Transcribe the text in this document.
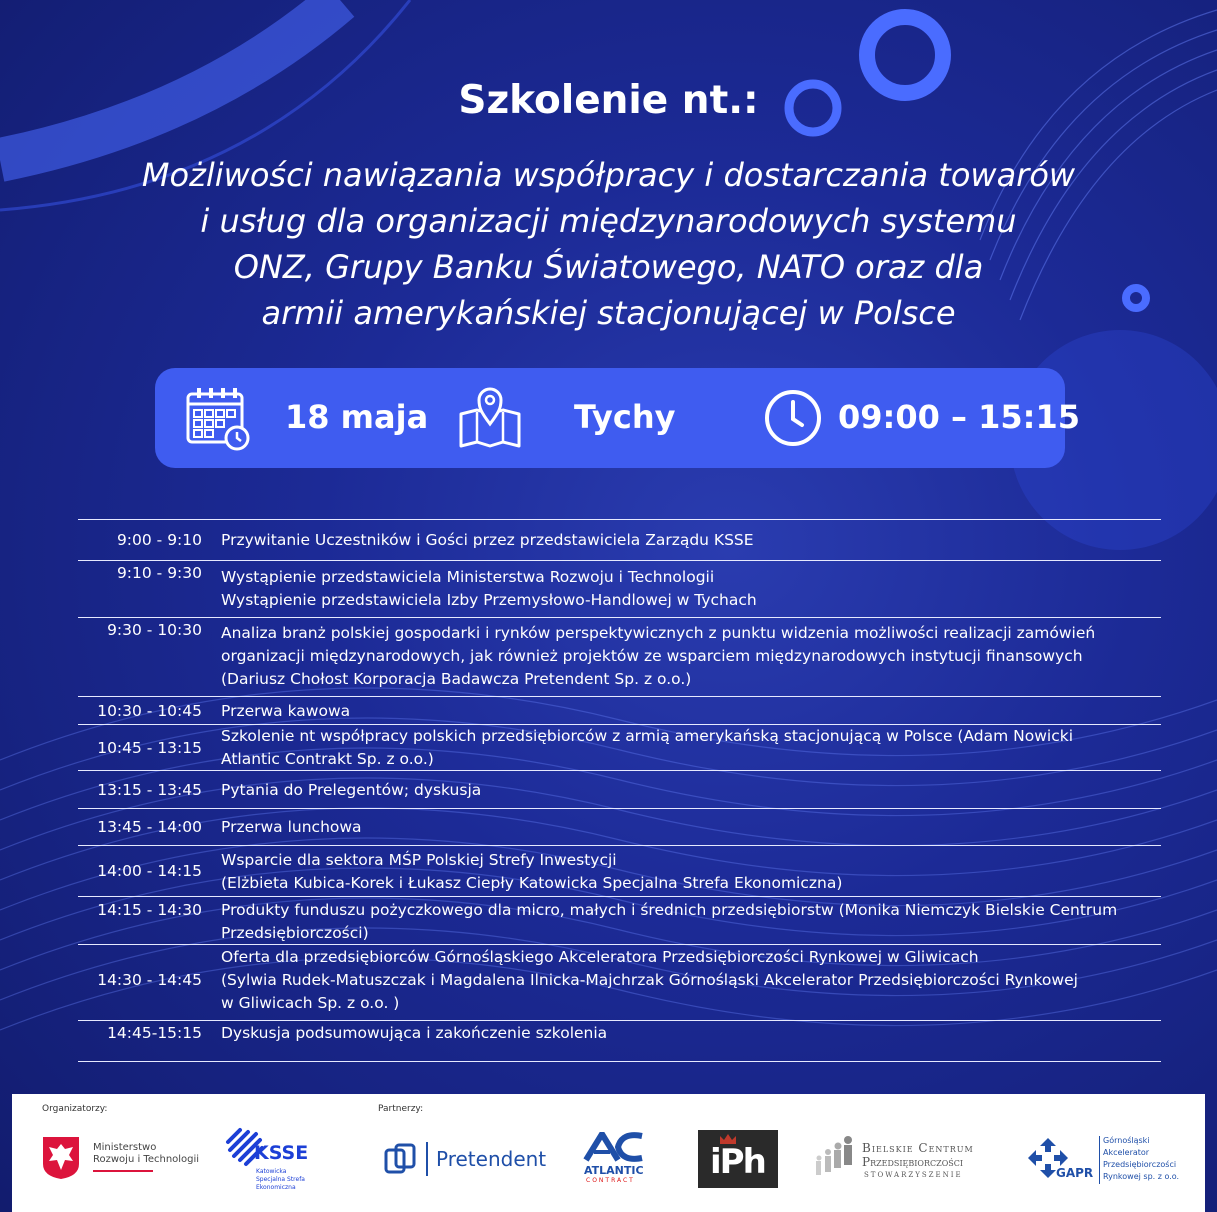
Szkolenie nt.:
Możliwości nawiązania współpracy i dostarczania towarów
i usług dla organizacji międzynarodowych systemu
ONZ, Grupy Banku Światowego, NATO oraz dla
armii amerykańskiej stacjonującej w Polsce
18 maja	Tychy	09:00 – 15:15
9:00 - 9:10 Przywitanie Uczestników i Gości przez przedstawiciela Zarządu KSSE
9:10 - 9:30 Wystąpienie przedstawiciela Ministerstwa Rozwoju i Technologii
Wystąpienie przedstawiciela Izby Przemysłowo-Handlowej w Tychach
9:30 - 10:30 Analiza branż polskiej gospodarki i rynków perspektywicznych z punktu widzenia możliwości realizacji zamówień
organizacji międzynarodowych, jak również projektów ze wsparciem międzynarodowych instytucji finansowych
(Dariusz Chołost Korporacja Badawcza Pretendent Sp. z o.o.)
10:30 - 10:45 Przerwa kawowa
10:45 - 13:15
Szkolenie nt współpracy polskich przedsiębiorców z armią amerykańską stacjonującą w Polsce (Adam Nowicki
Atlantic Contrakt Sp. z o.o.)
13:15 - 13:45 Pytania do Prelegentów; dyskusja
13:45 - 14:00 Przerwa lunchowa
14:00 - 14:15
Wsparcie dla sektora MŚP Polskiej Strefy Inwestycji
(Elżbieta Kubica-Korek i Łukasz Ciepły Katowicka Specjalna Strefa Ekonomiczna)
14:15 - 14:30 Produkty funduszu pożyczkowego dla micro, małych i średnich przedsiębiorstw (Monika Niemczyk Bielskie Centrum
Przedsiębiorczości)
14:30 - 14:45
Oferta dla przedsiębiorców Górnośląskiego Akceleratora Przedsiębiorczości Rynkowej w Gliwicach
(Sylwia Rudek-Matuszczak i Magdalena Ilnicka-Majchrzak Górnośląski Akcelerator Przedsiębiorczości Rynkowej
w Gliwicach Sp. z o.o. )
14:45-15:15 Dyskusja podsumowująca i zakończenie szkolenia
Organizatorzy:	Partnerzy:
Ministerstwo
Rozwoju i Technologii	KSSE
Katowicka
Specjalna Strefa
Ekonomiczna
Pretendent	ATLANTIC
CONTRACT iPh	Bielskie Centrum
Przedsiębiorczości
STOWARZYSZENIE	GAPR
Górnośląski
Akcelerator
Przedsiębiorczości
Rynkowej sp. z o.o.
